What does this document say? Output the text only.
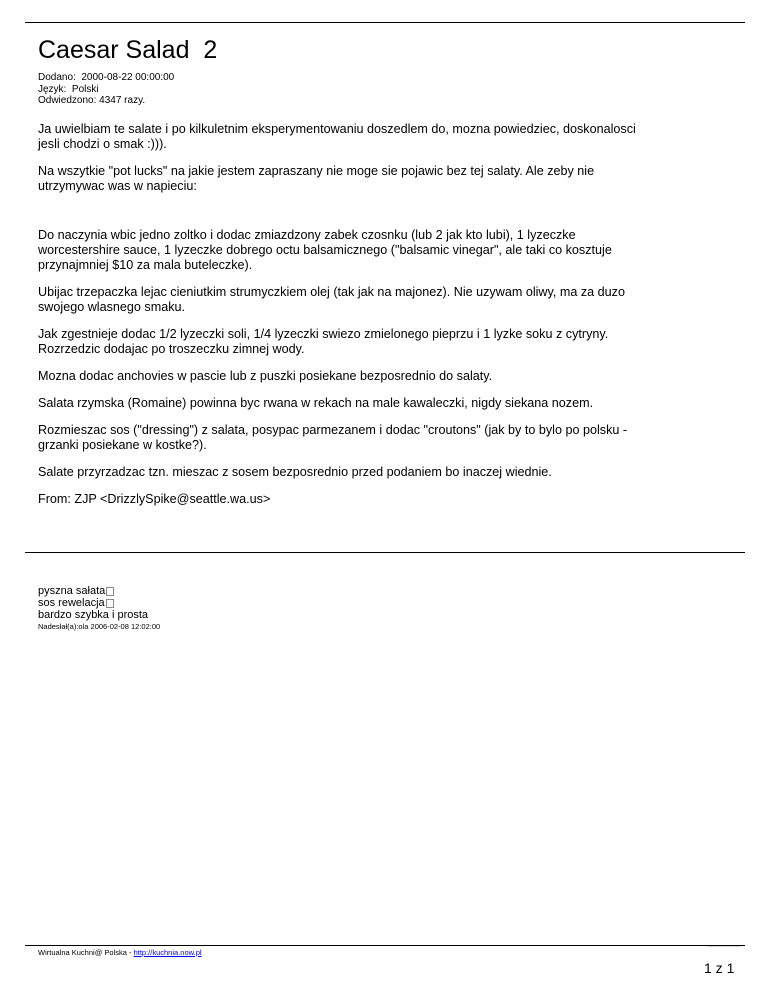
Caesar Salad  2
Dodano:  2000-08-22 00:00:00
Język:  Polski
Odwiedzono: 4347 razy.

Ja uwielbiam te salate i po kilkuletnim eksperymentowaniu doszedlem do, mozna powiedziec, doskonalosci jesli chodzi o smak :))).

Na wszytkie "pot lucks" na jakie jestem zapraszany nie moge sie pojawic bez tej salaty. Ale zeby nie utrzymywac was w napieciu:

Do naczynia wbic jedno zoltko i dodac zmiazdzony zabek czosnku (lub 2 jak kto lubi), 1 lyzeczke worcestershire sauce, 1 lyzeczke dobrego octu balsamicznego ("balsamic vinegar", ale taki co kosztuje przynajmniej $10 za mala buteleczke).

Ubijac trzepaczka lejac cieniutkim strumyczkiem olej (tak jak na majonez). Nie uzywam oliwy, ma za duzo swojego wlasnego smaku.

Jak zgestnieje dodac 1/2 lyzeczki soli, 1/4 lyzeczki swiezo zmielonego pieprzu i 1 lyzke soku z cytryny. Rozrzedzic dodajac po troszeczku zimnej wody.

Mozna dodac anchovies w pascie lub z puszki posiekane bezposrednio do salaty.

Salata rzymska (Romaine) powinna byc rwana w rekach na male kawaleczki, nigdy siekana nozem.

Rozmieszac sos ("dressing") z salata, posypac parmezanem i dodac "croutons" (jak by to bylo po polsku - grzanki posiekane w kostke?).

Salate przyrzadzac tzn. mieszac z sosem bezposrednio przed podaniem bo inaczej wiednie.

From: ZJP <DrizzlySpike@seattle.wa.us>

pyszna sałata
sos rewelacja
bardzo szybka i prosta
Nadesłał(a):ola 2006-02-08 12:02:00
Wirtualna Kuchni@ Polska - http://kuchnia.now.pl
1 z 1
